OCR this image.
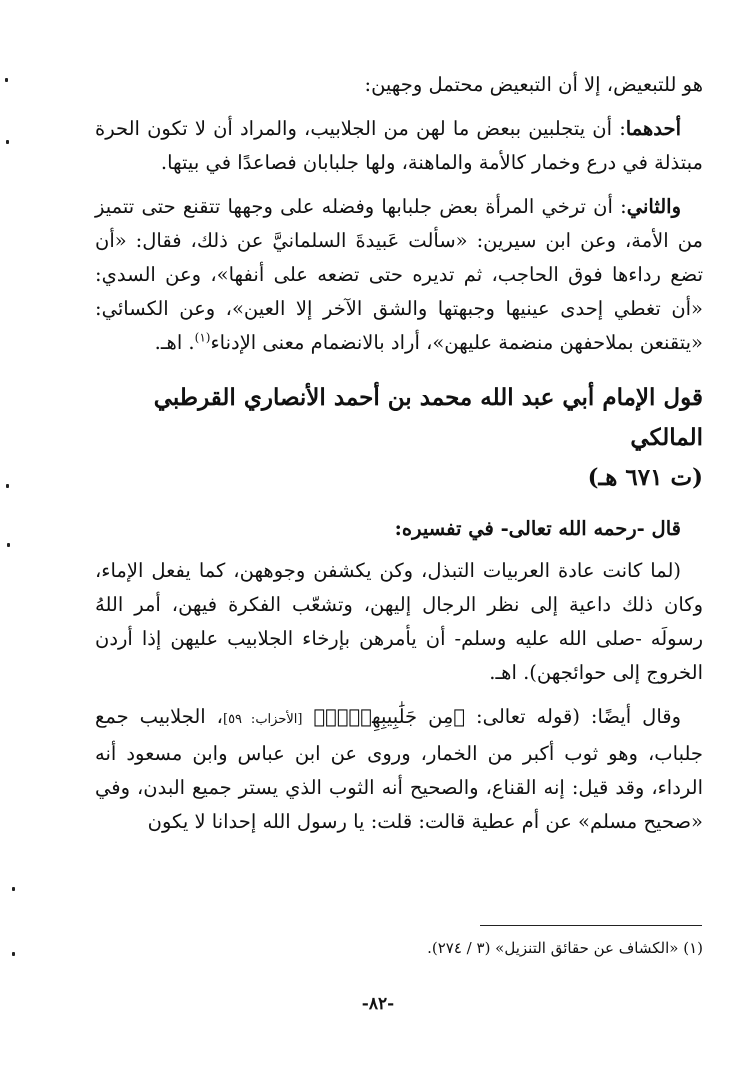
هو للتبعيض، إلا أن التبعيض محتمل وجهين:

أحدهما: أن يتجلبين ببعض ما لهن من الجلابيب، والمراد أن لا تكون الحرة مبتذلة في درع وخمار كالأمة والماهنة، ولها جلبابان فصاعدًا في بيتها.

والثاني: أن ترخي المرأة بعض جلبابها وفضله على وجهها تتقنع حتى تتميز من الأمة، وعن ابن سيرين: «سألت عَبيدةَ السلمانيَّ عن ذلك، فقال: «أن تضع رداءها فوق الحاجب، ثم تديره حتى تضعه على أنفها»، وعن السدي: «أن تغطي إحدى عينيها وجبهتها والشق الآخر إلا العين»، وعن الكسائي: «يتقنعن بملاحفهن منضمة عليهن»، أراد بالانضمام معنى الإدناء$^{(١)}$. اهـ.

قول الإمام أبي عبد الله محمد بن أحمد الأنصاري القرطبي المالكي
(ت ٦٧١ هـ)

قال -رحمه الله تعالى- في تفسيره:

(لما كانت عادة العربيات التبذل، وكن يكشفن وجوههن، كما يفعل الإماء، وكان ذلك داعية إلى نظر الرجال إليهن، وتشعّب الفكرة فيهن، أمر اللهُ رسولَه -صلى الله عليه وسلم- أن يأمرهن بإرخاء الجلابيب عليهن إذا أردن الخروج إلى حوائجهن). اهـ.

وقال أيضًا: (قوله تعالى: ﴿مِن جَلَٰبِيبِهِنَّۚ﴾ [الأحزاب: ٥٩]، الجلابيب جمع جلباب، وهو ثوب أكبر من الخمار، وروى عن ابن عباس وابن مسعود أنه الرداء، وقد قيل: إنه القناع، والصحيح أنه الثوب الذي يستر جميع البدن، وفي «صحيح مسلم» عن أم عطية قالت: قلت: يا رسول الله إحدانا لا يكون

(١) «الكشاف عن حقائق التنزيل» (٣ / ٢٧٤).
-٨٢-
